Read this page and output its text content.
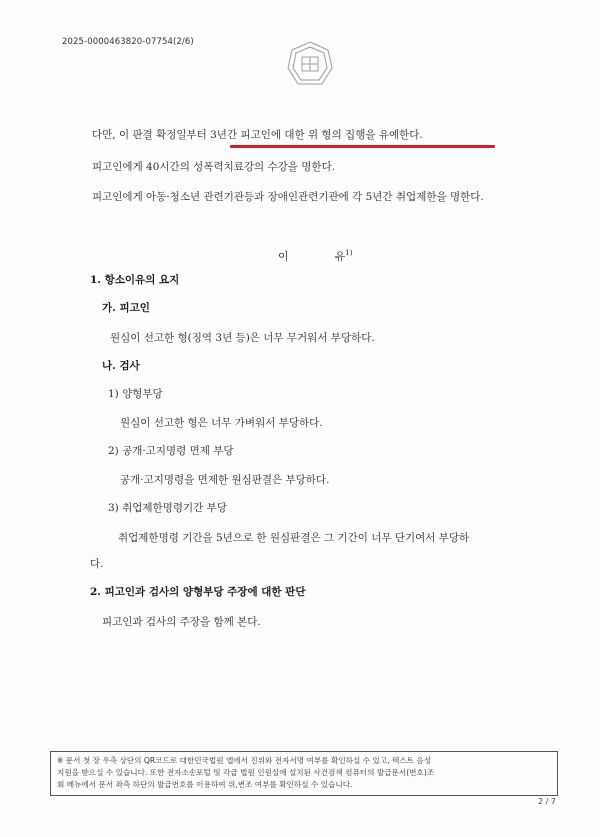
2025-0000463820-07754(2/6)
다만, 이 판결 확정일부터 3년간 피고인에 대한 위 형의 집행을 유예한다.
피고인에게 40시간의 성폭력치료강의 수강을 명한다.
피고인에게 아동·청소년 관련기관등과 장애인관련기관에 각 5년간 취업제한을 명한다.
이	유$^{1)}$
1. 항소이유의 요지
가. 피고인
원심이 선고한 형(징역 3년 등)은 너무 무거워서 부당하다.
나. 검사
1) 양형부당
원심이 선고한 형은 너무 가벼워서 부당하다.
2) 공개·고지명령 면제 부당
공개·고지명령을 면제한 원심판결은 부당하다.
3) 취업제한명령기간 부당
취업제한명령 기간을 5년으로 한 원심판결은 그 기간이 너무 단기여서 부당하
다.
2. 피고인과 검사의 양형부당 주장에 대한 판단
피고인과 검사의 주장을 함께 본다.
※ 문서 첫 장 우측 상단의 QR코드로 대한민국법원 앱에서 진위와 전자서명 여부를 확인하실 수 있고, 텍스트 음성
지원을 받으실 수 있습니다. 또한 전자소송포털 및 각급 법원 인원실에 설치된 사건검색 컴퓨터의 발급문서(번호)조
회 메뉴에서 문서 좌측 하단의 발급번호를 이용하여 위,변조 여부를 확인하실 수 있습니다.
2 / 7
